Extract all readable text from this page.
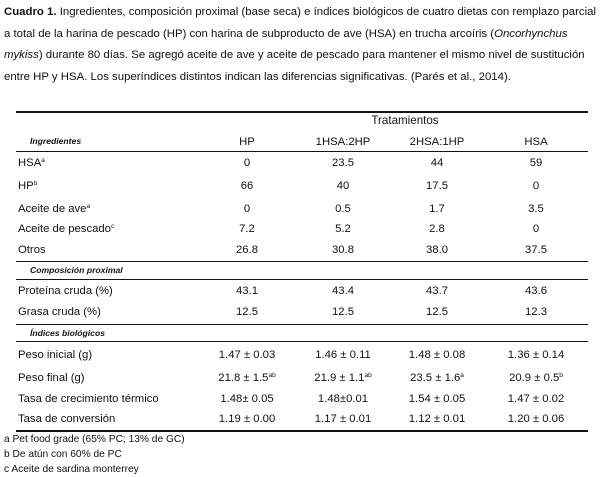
Cuadro 1. Ingredientes, composición proximal (base seca) e índices biológicos de cuatro dietas con remplazo parcial a total de la harina de pescado (HP) con harina de subproducto de ave (HSA) en trucha arcoíris (Oncorhynchus mykiss) durante 80 días. Se agregó aceite de ave y aceite de pescado para mantener el mismo nivel de sustitución entre HP y HSA. Los superíndices distintos indican las diferencias significativas. (Parés et al., 2014).

Tratamientos
Ingredientes	HP	1HSA:2HP	2HSA:1HP	HSA
HSA$^a$	0	23.5	44	59
$HP^b$	66	40	17.5	0
Aceite de ave$^a$	0	0.5	1.7	3.5
Aceite de pescado$^c$	7.2	5.2	2.8	0
Otros	26.8	30.8	38.0	37.5
Composición proximal
Proteína cruda (%)	43.1	43.4	43.7	43.6
Grasa cruda (%)	12.5	12.5	12.5	12.3
Índices biológicos
Peso inicial (g)	1.47 ± 0.03	1.46 ± 0.11	1.48 ± 0.08	1.36 ± 0.14
Peso final (g)	21.8 ± 1.5$^{ab}$	21.9 ± 1.1$^{ab}$	23.5 ± 1.6$^a$	20.9 ± 0.5$^b$
Tasa de crecimiento térmico	1.48± 0.05	1.48±0.01	1.54 ± 0.05	1.47 ± 0.02
Tasa de conversión	1.19 ± 0.00	1.17 ± 0.01	1.12 ± 0.01	1.20 ± 0.06
a Pet food grade (65% PC; 13% de GC)
b De atún con 60% de PC
c Aceite de sardina monterrey
